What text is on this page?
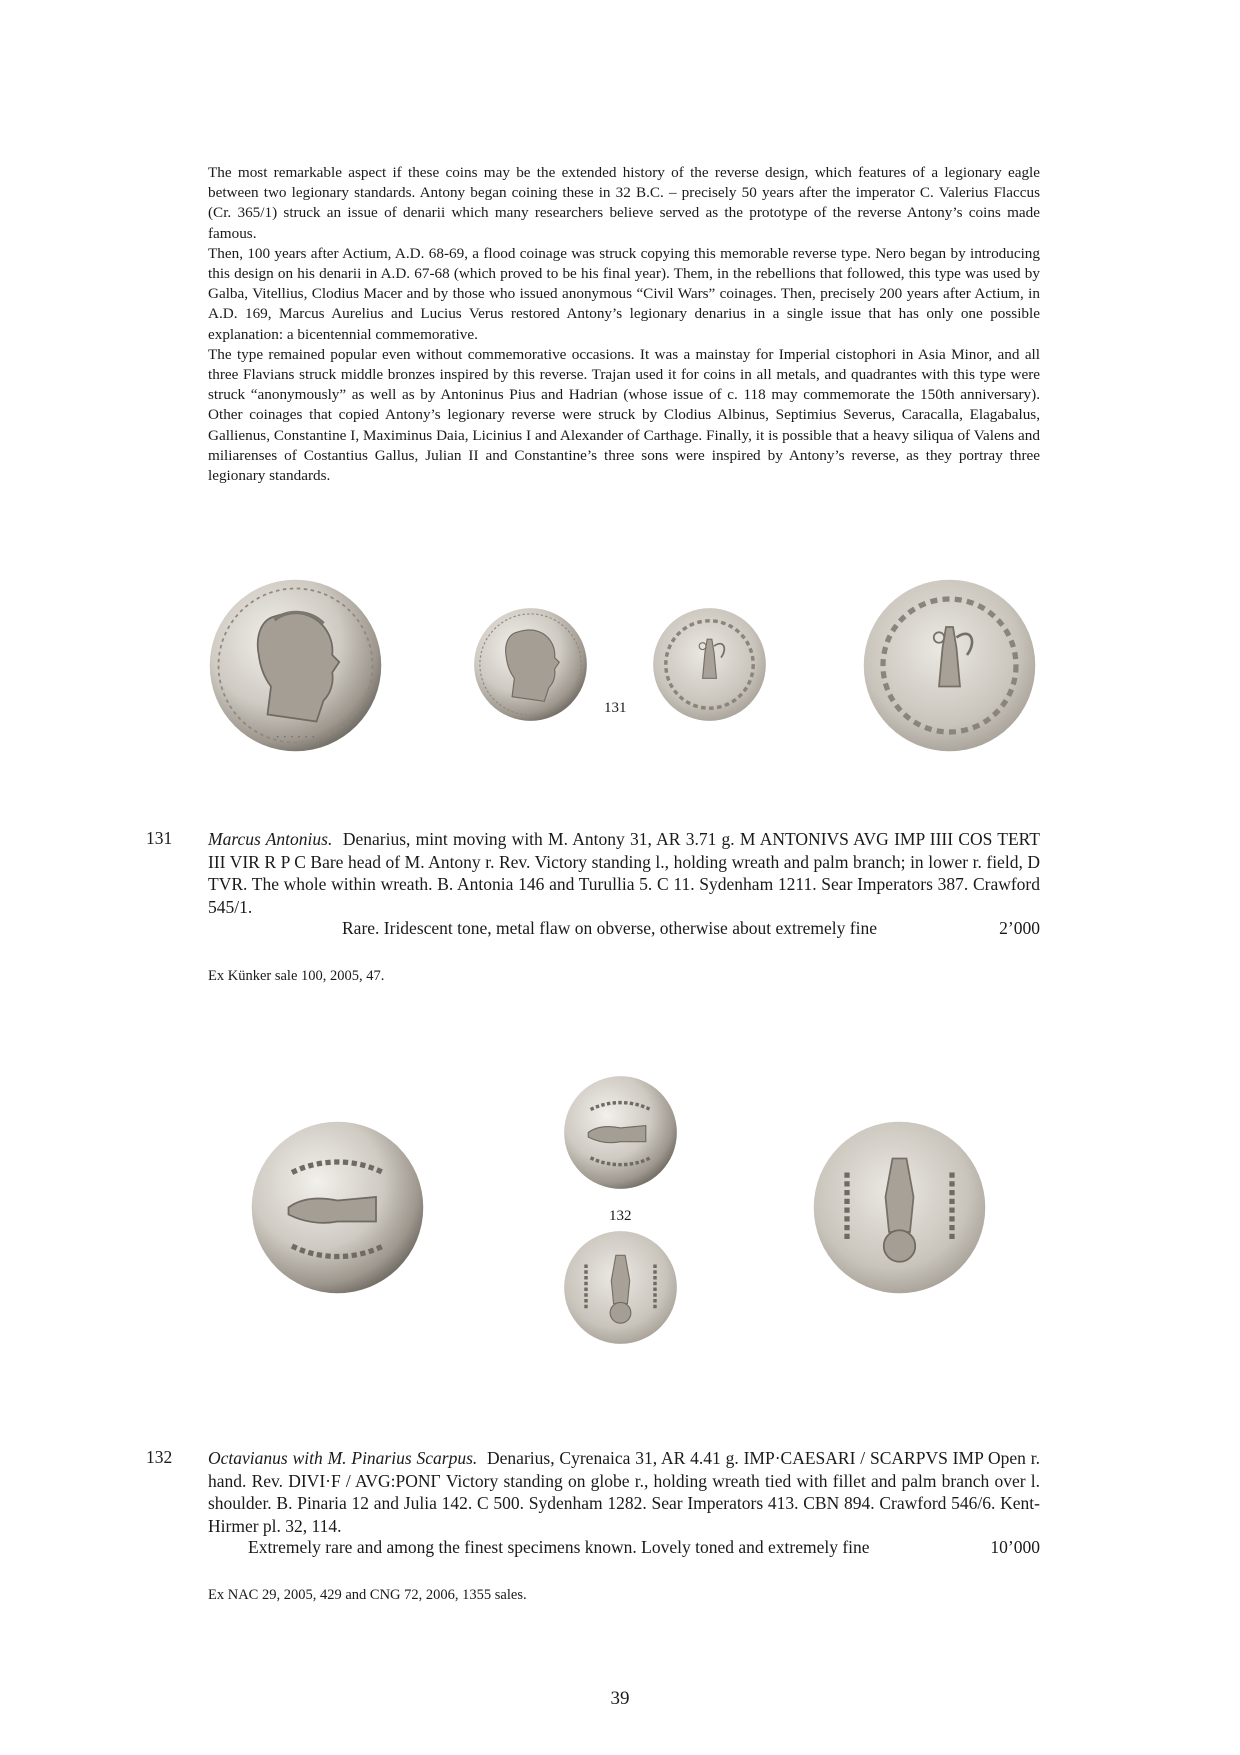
The most remarkable aspect if these coins may be the extended history of the reverse design, which features of a legionary eagle between two legionary standards. Antony began coining these in 32 B.C. – precisely 50 years after the imperator C. Valerius Flaccus (Cr. 365/1) struck an issue of denarii which many researchers believe served as the prototype of the reverse Antony’s coins made famous.

Then, 100 years after Actium, A.D. 68-69, a flood coinage was struck copying this memorable reverse type. Nero began by introducing this design on his denarii in A.D. 67-68 (which proved to be his final year). Them, in the rebellions that followed, this type was used by Galba, Vitellius, Clodius Macer and by those who issued anonymous “Civil Wars” coinages. Then, precisely 200 years after Actium, in A.D. 169, Marcus Aurelius and Lucius Verus restored Antony’s legionary denarius in a single issue that has only one possible explanation: a bicentennial commemorative.

The type remained popular even without commemorative occasions. It was a mainstay for Imperial cistophori in Asia Minor, and all three Flavians struck middle bronzes inspired by this reverse. Trajan used it for coins in all metals, and quadrantes with this type were struck “anonymously” as well as by Antoninus Pius and Hadrian (whose issue of c. 118 may commemorate the 150th anniversary). Other coinages that copied Antony’s legionary reverse were struck by Clodius Albinus, Septimius Severus, Caracalla, Elagabalus, Gallienus, Constantine I, Maximinus Daia, Licinius I and Alexander of Carthage. Finally, it is possible that a heavy siliqua of Valens and miliarenses of Costantius Gallus, Julian II and Constantine’s three sons were inspired by Antony’s reverse, as they portray three legionary standards.

· · · · · ·
131
131 Marcus Antonius. Denarius, mint moving with M. Antony 31, AR 3.71 g. M ANTONIVS AVG IMP IIII COS TERT III VIR R P C Bare head of M. Antony r. Rev. Victory standing l., holding wreath and palm branch; in lower r. field, D TVR. The whole within wreath. B. Antonia 146 and Turullia 5. C 11. Sydenham 1211. Sear Imperators 387. Crawford 545/1.
Rare. Iridescent tone, metal flaw on obverse, otherwise about extremely fine	2’000
Ex Künker sale 100, 2005, 47.
132
132 Octavianus with M. Pinarius Scarpus. Denarius, Cyrenaica 31, AR 4.41 g. IMP·CAESARI / SCARPVS IMP Open r. hand. Rev. DIVI·F / AVG:PONΓ Victory standing on globe r., holding wreath tied with fillet and palm branch over l. shoulder. B. Pinaria 12 and Julia 142. C 500. Sydenham 1282. Sear Imperators 413. CBN 894. Crawford 546/6. Kent-Hirmer pl. 32, 114.
Extremely rare and among the finest specimens known. Lovely toned and extremely fine	10’000
Ex NAC 29, 2005, 429 and CNG 72, 2006, 1355 sales.
39
